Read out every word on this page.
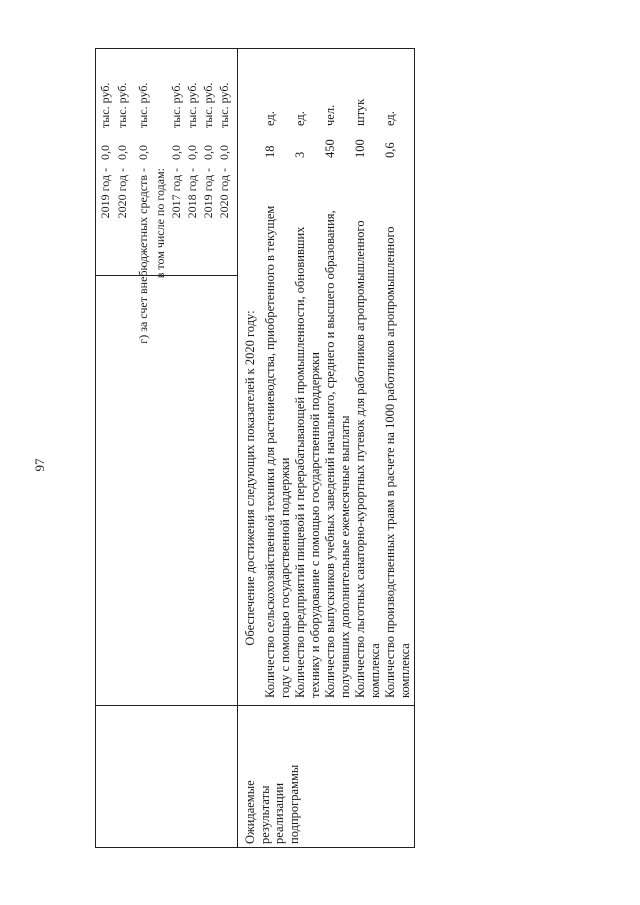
97
Ожидаемые результаты реализации подпрограммы
2019 год -
0,0
тыс. руб.
2020 год -
0,0
тыс. руб.
г) за счет внебюджетных средств -
0,0
тыс. руб.
в том числе по годам: 2017 год -
0,0
тыс. руб.
2018 год -
0,0
тыс. руб.
2019 год -
0,0
тыс. руб.
2020 год -
0,0
тыс. руб.
Обеспечение достижения следующих показателей к 2020 году: Количество сельскохозяйственной техники для растениеводства, приобретенного в текущем году с помощью государственной поддержки
18
ед.
Количество предприятий пищевой и перерабатывающей промышленности, обновивших технику и оборудование с помощью государственной поддержки
3
ед.
Количество выпускников учебных заведений начального, среднего и высшего образования, получивших дополнительные ежемесячные выплаты
450
чел.
Количество льготных санаторно-курортных путевок для работников агропромышленного комплекса
100
штук
Количество производственных травм в расчете на 1000 работников агропромышленного комплекса
0,6
ед.
